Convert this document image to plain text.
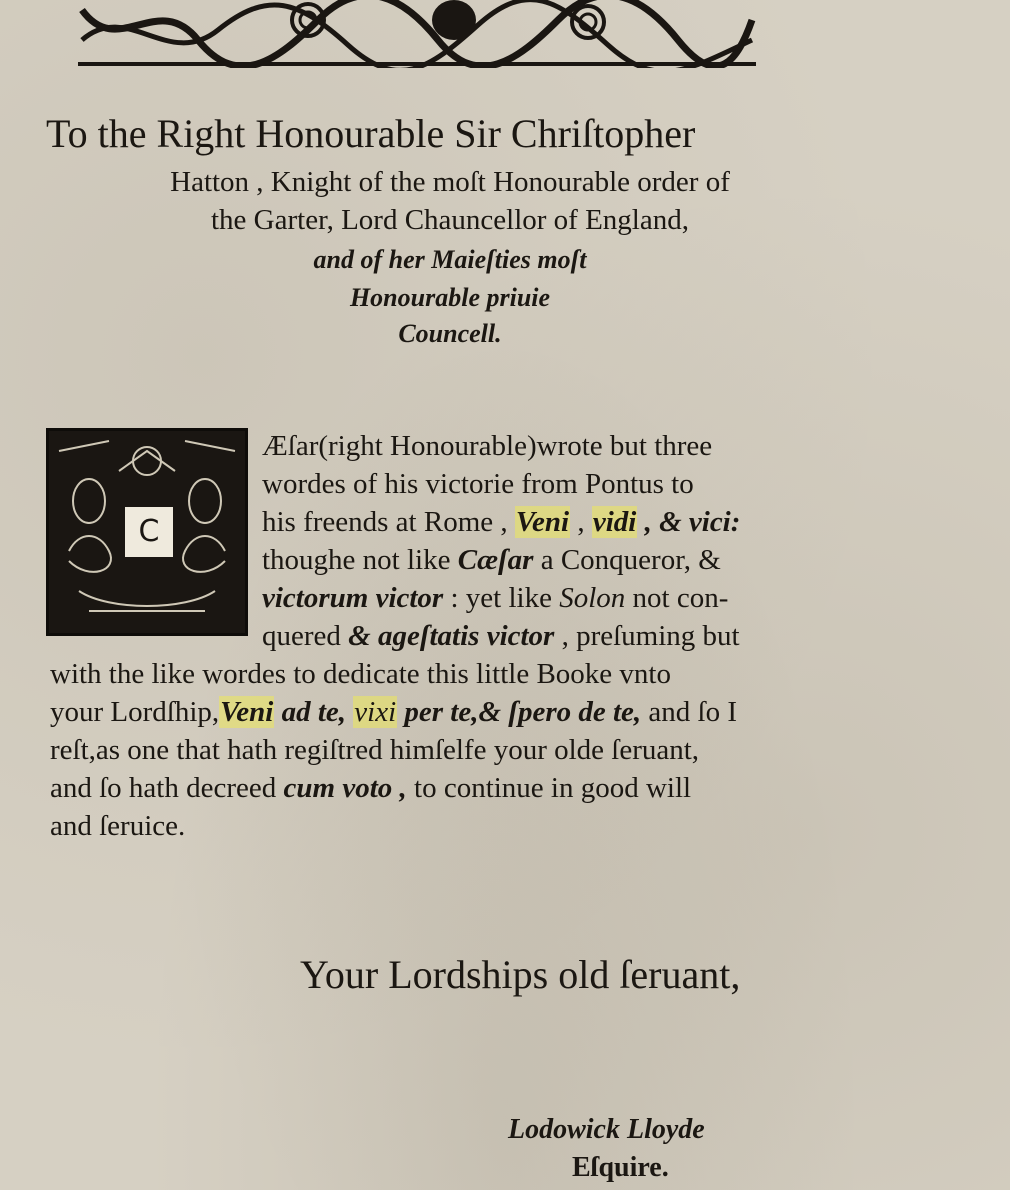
To the Right Honourable Sir Chriſtopher
Hatton , Knight of the moſt Honourable order of
the Garter, Lord Chauncellor of England,
and of her Maieſties moſt
Honourable priuie
Councell.
C
Æſar(right Honourable)wrote but three
wordes of his victorie from Pontus to
his freends at Rome , Veni , vidi , & vici:
thoughe not like Cæſar a Conqueror, &
victorum victor : yet like Solon not con-
quered & ageſtatis victor , preſuming but
with the like wordes to dedicate this little Booke vnto
your Lordſhip,Veni ad te, vixi per te,& ſpero de te, and ſo I
reſt,as one that hath regiſtred himſelfe your olde ſeruant,
and ſo hath decreed cum voto , to continue in good will
and ſeruice.
Your Lordships old ſeruant,
Lodowick Lloyde
Eſquire.
